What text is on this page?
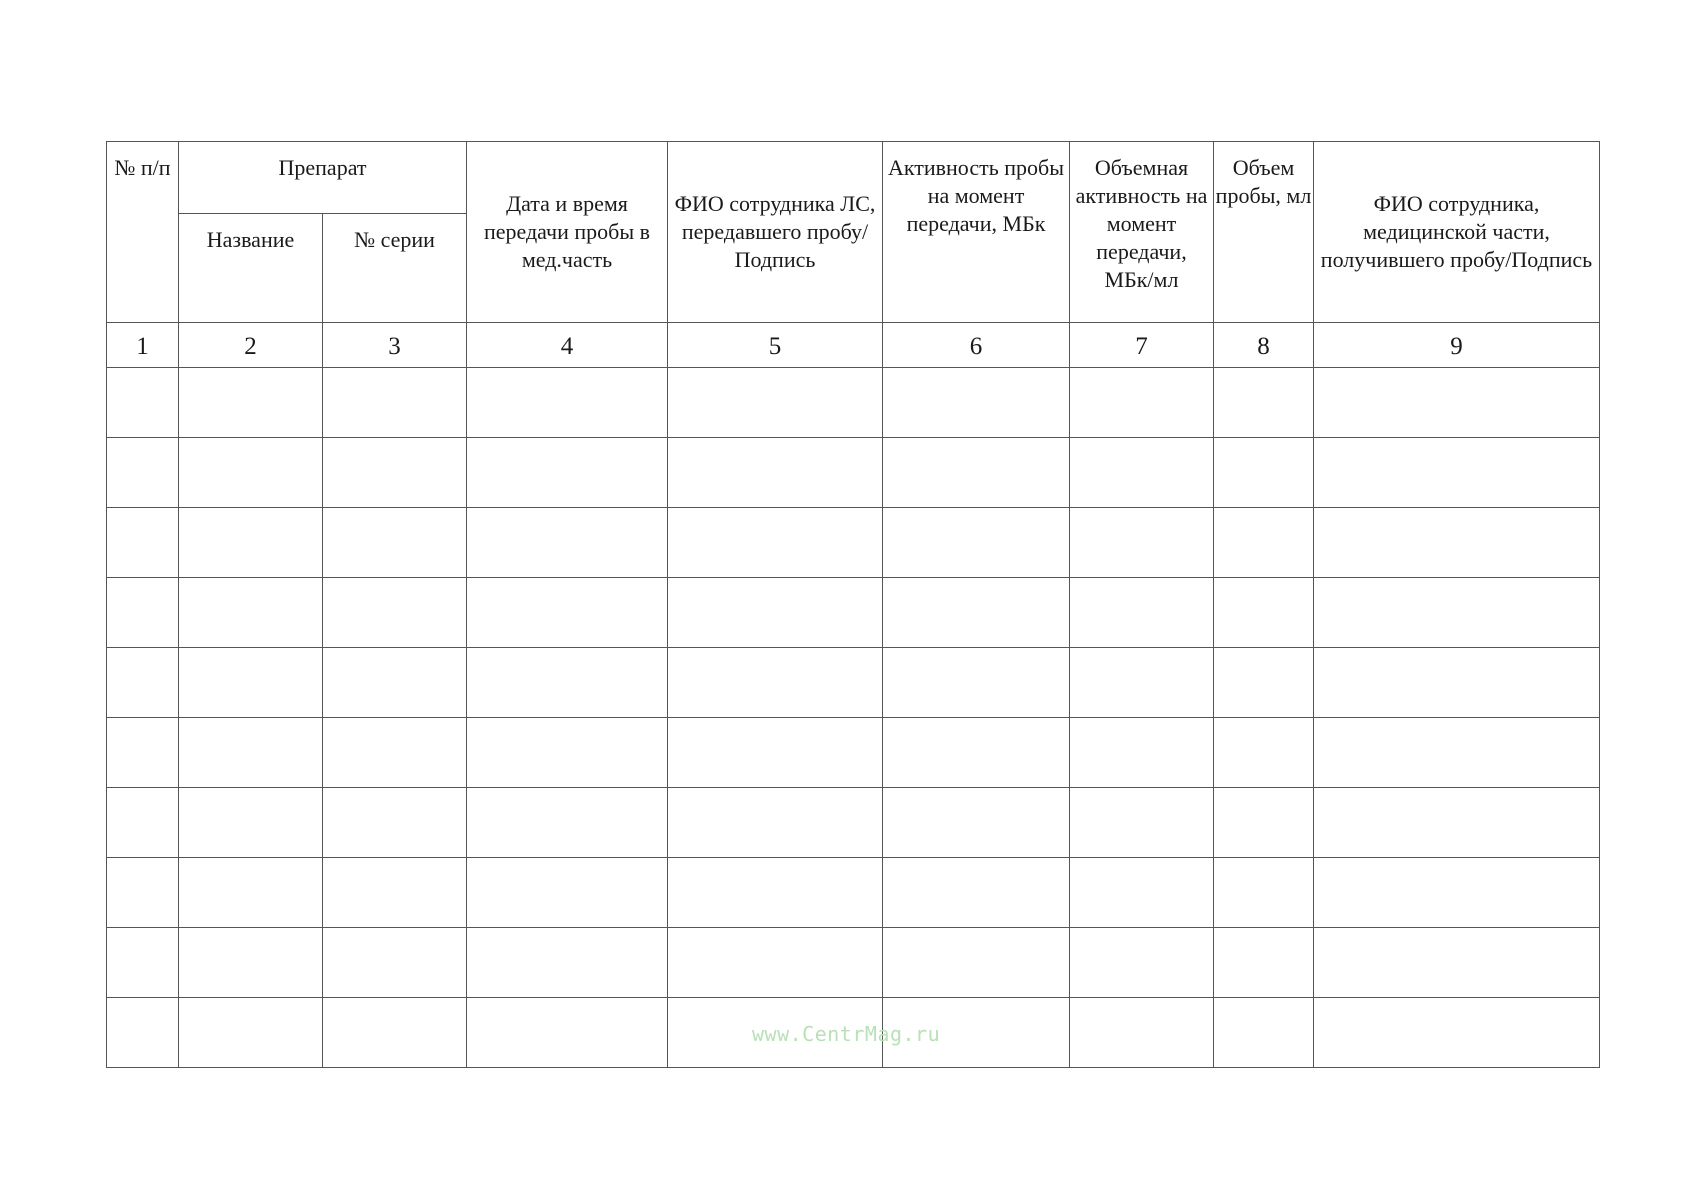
№ п/п	Препарат		Дата и время передачи пробы в мед.часть	ФИО сотрудника ЛС, передавшего пробу/Подпись	Активность пробы на момент передачи, МБк	Объемная активность на момент передачи, МБк/мл	Объем пробы, мл	ФИО сотрудника, медицинской части, получившего пробу/Подпись
	Название	№ серии						
1	2	3	4	5	6	7	8	9

www.CentrMag.ru
